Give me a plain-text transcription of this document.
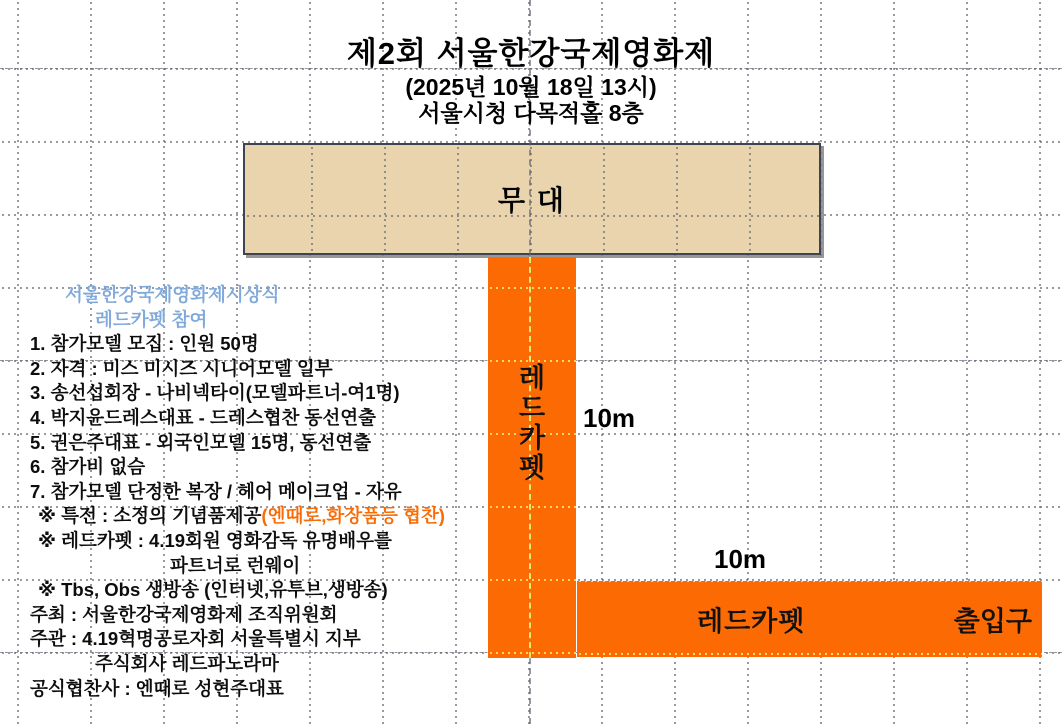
제2회 서울한강국제영화제
(2025년 10월 18일 13시)
서울시청 다목적홀 8층
무 대
레
드
카
펫
10m
10m
레드카펫	출입구
서울한강국제영화제시상식
레드카펫 참여
1. 참가모델 모집 : 인원 50명
2. 자격 : 미스 미시즈 시니어모델 일부
3. 송선섭회장 - 나비넥타이(모델파트너-여1명)
4. 박지윤드레스대표 - 드레스협찬 동선연출
5. 권은주대표 - 외국인모델 15명, 동선연출
6. 참가비 없슴
7. 참가모델 단정한 복장 / 헤어 메이크업 - 자유
※ 특전 : 소정의 기념품제공(엔때로,화장품등 협찬)
※ 레드카펫 : 4.19회원 영화감독 유명배우를
파트너로 런웨이
※ Tbs, Obs 생방송 (인터넷,유투브,생방송)
주최 : 서울한강국제영화제 조직위원회
주관 : 4.19혁명공로자회 서울특별시 지부
주식회사 레드파노라마
공식협찬사 : 엔때로 성현주대표
